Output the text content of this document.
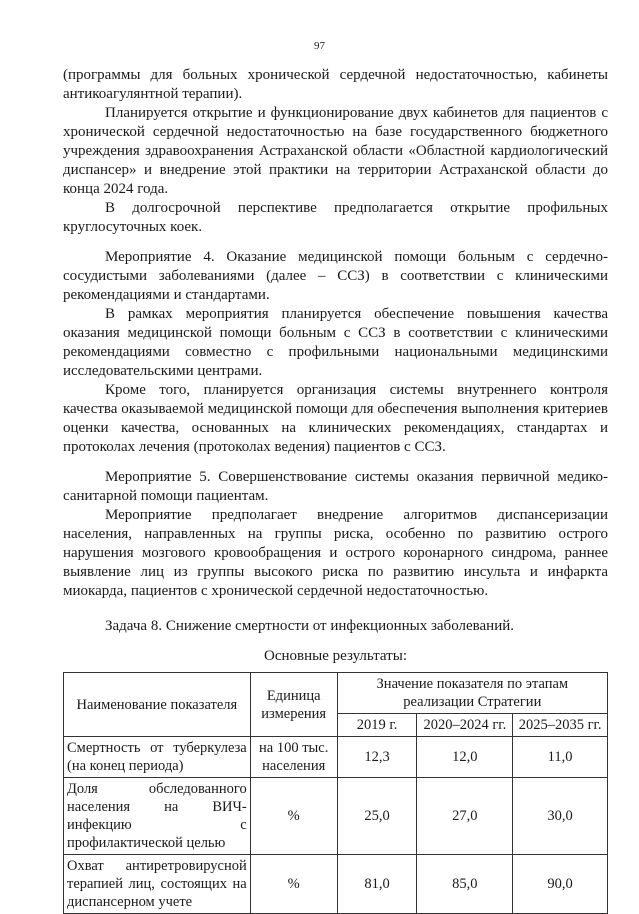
97

(программы для больных хронической сердечной недостаточностью, кабинеты антикоагулянтной терапии).

Планируется открытие и функционирование двух кабинетов для пациентов с хронической сердечной недостаточностью на базе государственного бюджетного учреждения здравоохранения Астраханской области «Областной кардиологический диспансер» и внедрение этой практики на территории Астраханской области до конца 2024 года.

В долгосрочной перспективе предполагается открытие профильных круглосуточных коек.

Мероприятие 4. Оказание медицинской помощи больным с сердечно-сосудистыми заболеваниями (далее – ССЗ) в соответствии с клиническими рекомендациями и стандартами.

В рамках мероприятия планируется обеспечение повышения качества оказания медицинской помощи больным с ССЗ в соответствии с клиническими рекомендациями совместно с профильными национальными медицинскими исследовательскими центрами.

Кроме того, планируется организация системы внутреннего контроля качества оказываемой медицинской помощи для обеспечения выполнения критериев оценки качества, основанных на клинических рекомендациях, стандартах и протоколах лечения (протоколах ведения) пациентов с ССЗ.

Мероприятие 5. Совершенствование системы оказания первичной медико-санитарной помощи пациентам.

Мероприятие предполагает внедрение алгоритмов диспансеризации населения, направленных на группы риска, особенно по развитию острого нарушения мозгового кровообращения и острого коронарного синдрома, раннее выявление лиц из группы высокого риска по развитию инсульта и инфаркта миокарда, пациентов с хронической сердечной недостаточностью.

Задача 8. Снижение смертности от инфекционных заболеваний.

Основные результаты:

Наименование показателя	Единица измерения	Значение показателя по этапам реализации Стратегии		
		2019 г.	2020–2024 гг.	2025–2035 гг.
Смертность от туберкулеза (на конец периода)	на 100 тыс. населения	12,3	12,0	11,0
Доля обследованного населения на ВИЧ-инфекцию с профилактической целью	%	25,0	27,0	30,0
Охват антиретровирусной терапией лиц, состоящих на диспансерном учете	%	81,0	85,0	90,0
